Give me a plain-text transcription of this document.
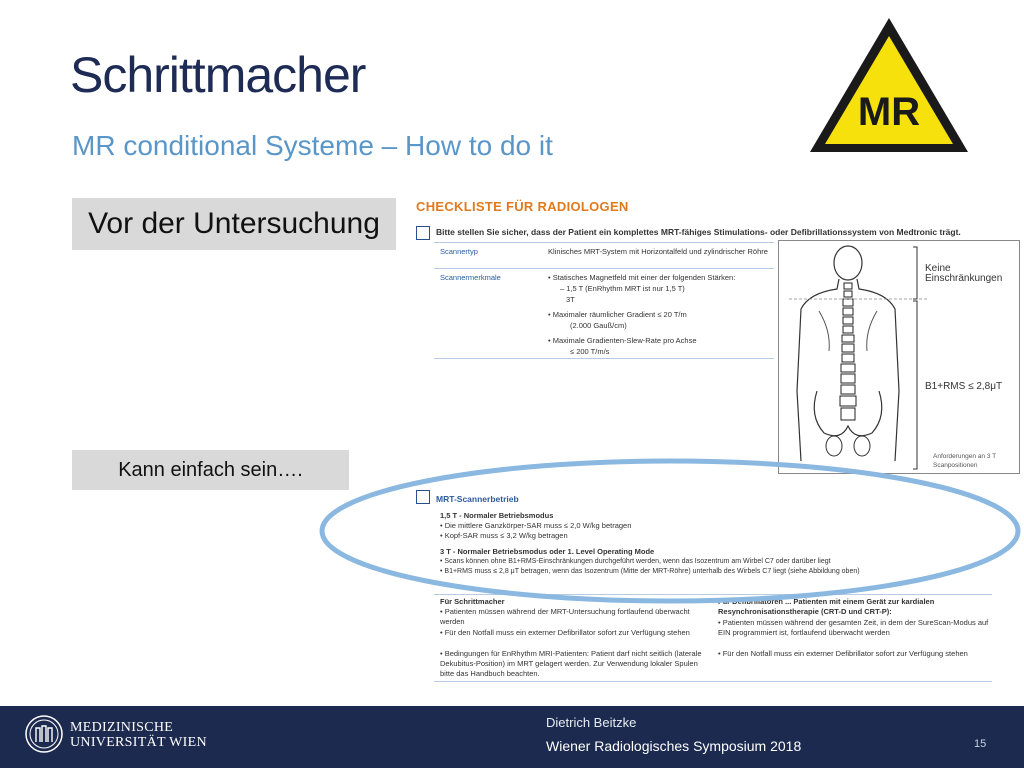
Schrittmacher
MR conditional Systeme – How to do it
MR
Vor der Untersuchung
Kann einfach sein….
CHECKLISTE FÜR RADIOLOGEN
Bitte stellen Sie sicher, dass der Patient ein komplettes MRT-fähiges Stimulations- oder Defibrillationssystem von Medtronic trägt.
Scannertyp	Klinisches MRT-System mit Horizontalfeld und zylindrischer Röhre
Scannermerkmale	• Statisches Magnetfeld mit einer der folgenden Stärken:
– 1,5 T (EnRhythm MRT ist nur 1,5 T)
3T
• Maximaler räumlicher Gradient ≤ 20 T/m
(2.000 Gauß/cm)
• Maximale Gradienten-Slew-Rate pro Achse
≤ 200 T/m/s
Keine
Einschränkungen
B1+RMS ≤ 2,8μT
Anforderungen an 3 T
Scanpositionen
MRT-Scannerbetrieb
1,5 T - Normaler Betriebsmodus
• Die mittlere Ganzkörper-SAR muss ≤ 2,0 W/kg betragen
• Kopf-SAR muss ≤ 3,2 W/kg betragen
3 T - Normaler Betriebsmodus oder 1. Level Operating Mode
• Scans können ohne B1+RMS-Einschränkungen durchgeführt werden, wenn das Isozentrum am Wirbel C7 oder darüber liegt
• B1+RMS muss ≤ 2,8 μT betragen, wenn das Isozentrum (Mitte der MRT-Röhre) unterhalb des Wirbels C7 liegt (siehe Abbildung oben)
Für Schrittmacher
• Patienten müssen während der MRT-Untersuchung fortlaufend überwacht werden
• Für den Notfall muss ein externer Defibrillator sofort zur Verfügung stehen
• Bedingungen für EnRhythm MRI-Patienten: Patient darf nicht seitlich (laterale Dekubitus-Position) im MRT gelagert werden. Zur Verwendung lokaler Spulen bitte das Handbuch beachten.
Für Defibrillatoren ... Patienten mit einem Gerät zur kardialen Resynchronisationstherapie (CRT-D und CRT-P):
• Patienten müssen während der gesamten Zeit, in dem der SureScan-Modus auf EIN programmiert ist, fortlaufend überwacht werden
• Für den Notfall muss ein externer Defibrillator sofort zur Verfügung stehen
MEDIZINISCHE
UNIVERSITÄT WIEN
Dietrich Beitzke
Wiener Radiologisches Symposium 2018	15
